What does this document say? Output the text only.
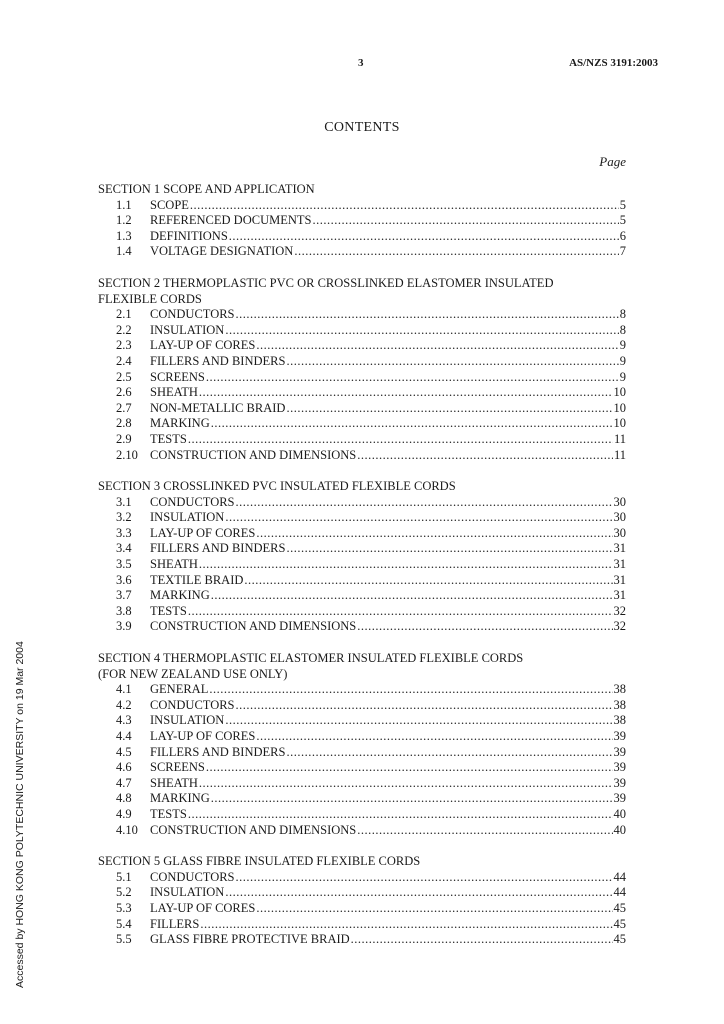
3	AS/NZS 3191:2003
CONTENTS
Page
SECTION 1 SCOPE AND APPLICATION
1.1	SCOPE .....	5
1.2	REFERENCED DOCUMENTS .....	5
1.3	DEFINITIONS .....	6
1.4	VOLTAGE DESIGNATION .....	7
SECTION 2 THERMOPLASTIC PVC OR CROSSLINKED ELASTOMER INSULATED
FLEXIBLE CORDS
2.1	CONDUCTORS .....	8
2.2	INSULATION .....	8
2.3	LAY-UP OF CORES .....	9
2.4	FILLERS AND BINDERS .....	9
2.5	SCREENS .....	9
2.6	SHEATH .....	10
2.7	NON-METALLIC BRAID .....	10
2.8	MARKING .....	10
2.9	TESTS .....	11
2.10 CONSTRUCTION AND DIMENSIONS .....	11
SECTION 3 CROSSLINKED PVC INSULATED FLEXIBLE CORDS
3.1	CONDUCTORS .....	30
3.2	INSULATION .....	30
3.3	LAY-UP OF CORES .....	30
3.4	FILLERS AND BINDERS .....	31
3.5	SHEATH .....	31
3.6	TEXTILE BRAID .....	31
3.7	MARKING .....	31
3.8	TESTS .....	32
3.9	CONSTRUCTION AND DIMENSIONS .....	32
SECTION 4 THERMOPLASTIC ELASTOMER INSULATED FLEXIBLE CORDS
(FOR NEW ZEALAND USE ONLY)
4.1	GENERAL .....	38
4.2	CONDUCTORS .....	38
4.3	INSULATION .....	38
4.4	LAY-UP OF CORES .....	39
4.5	FILLERS AND BINDERS .....	39
4.6	SCREENS .....	39
4.7	SHEATH .....	39
4.8	MARKING .....	39
4.9	TESTS .....	40
4.10 CONSTRUCTION AND DIMENSIONS .....	40
SECTION 5 GLASS FIBRE INSULATED FLEXIBLE CORDS
5.1	CONDUCTORS .....	44
5.2	INSULATION .....	44
5.3	LAY-UP OF CORES .....	45
5.4	FILLERS .....	45
5.5	GLASS FIBRE PROTECTIVE BRAID .....	45
Accessed by HONG KONG POLYTECHNIC UNIVERSITY on 19 Mar 2004
